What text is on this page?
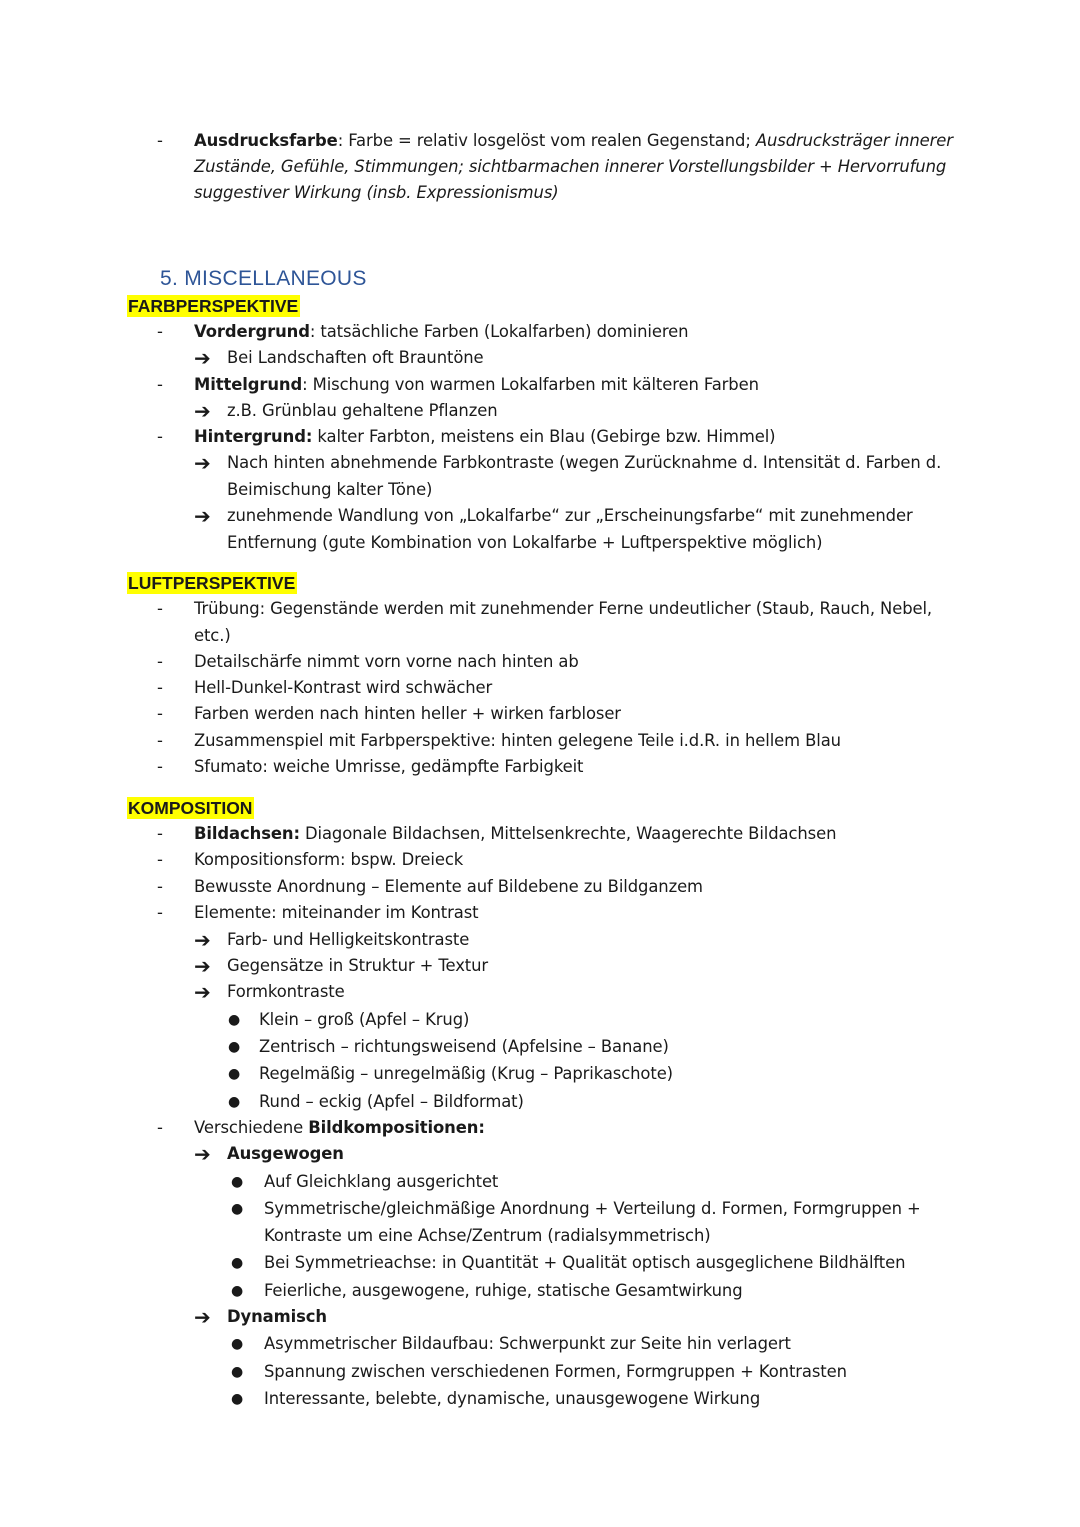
- Ausdrucksfarbe: Farbe = relativ losgelöst vom realen Gegenstand; Ausdrucksträger innerer
Zustände, Gefühle, Stimmungen; sichtbarmachen innerer Vorstellungsbilder + Hervorrufung
suggestiver Wirkung (insb. Expressionismus)
5. MISCELLANEOUS
FARBPERSPEKTIVE
- Vordergrund: tatsächliche Farben (Lokalfarben) dominieren
➔ Bei Landschaften oft Brauntöne
- Mittelgrund: Mischung von warmen Lokalfarben mit kälteren Farben
➔ z.B. Grünblau gehaltene Pflanzen
- Hintergrund: kalter Farbton, meistens ein Blau (Gebirge bzw. Himmel)
➔ Nach hinten abnehmende Farbkontraste (wegen Zurücknahme d. Intensität d. Farben d.
Beimischung kalter Töne)
➔ zunehmende Wandlung von „Lokalfarbe“ zur „Erscheinungsfarbe“ mit zunehmender
Entfernung (gute Kombination von Lokalfarbe + Luftperspektive möglich)
LUFTPERSPEKTIVE
- Trübung: Gegenstände werden mit zunehmender Ferne undeutlicher (Staub, Rauch, Nebel,
etc.)
- Detailschärfe nimmt vorn vorne nach hinten ab
- Hell-Dunkel-Kontrast wird schwächer
- Farben werden nach hinten heller + wirken farbloser
- Zusammenspiel mit Farbperspektive: hinten gelegene Teile i.d.R. in hellem Blau
- Sfumato: weiche Umrisse, gedämpfte Farbigkeit
KOMPOSITION
- Bildachsen: Diagonale Bildachsen, Mittelsenkrechte, Waagerechte Bildachsen
- Kompositionsform: bspw. Dreieck
- Bewusste Anordnung – Elemente auf Bildebene zu Bildganzem
- Elemente: miteinander im Kontrast
➔ Farb- und Helligkeitskontraste
➔ Gegensätze in Struktur + Textur
➔ Formkontraste
● Klein – groß (Apfel – Krug)
● Zentrisch – richtungsweisend (Apfelsine – Banane)
● Regelmäßig – unregelmäßig (Krug – Paprikaschote)
● Rund – eckig (Apfel – Bildformat)
- Verschiedene Bildkompositionen:
➔ Ausgewogen
● Auf Gleichklang ausgerichtet
● Symmetrische/gleichmäßige Anordnung + Verteilung d. Formen, Formgruppen +
Kontraste um eine Achse/Zentrum (radialsymmetrisch)
● Bei Symmetrieachse: in Quantität + Qualität optisch ausgeglichene Bildhälften
● Feierliche, ausgewogene, ruhige, statische Gesamtwirkung
➔ Dynamisch
● Asymmetrischer Bildaufbau: Schwerpunkt zur Seite hin verlagert
● Spannung zwischen verschiedenen Formen, Formgruppen + Kontrasten
● Interessante, belebte, dynamische, unausgewogene Wirkung
